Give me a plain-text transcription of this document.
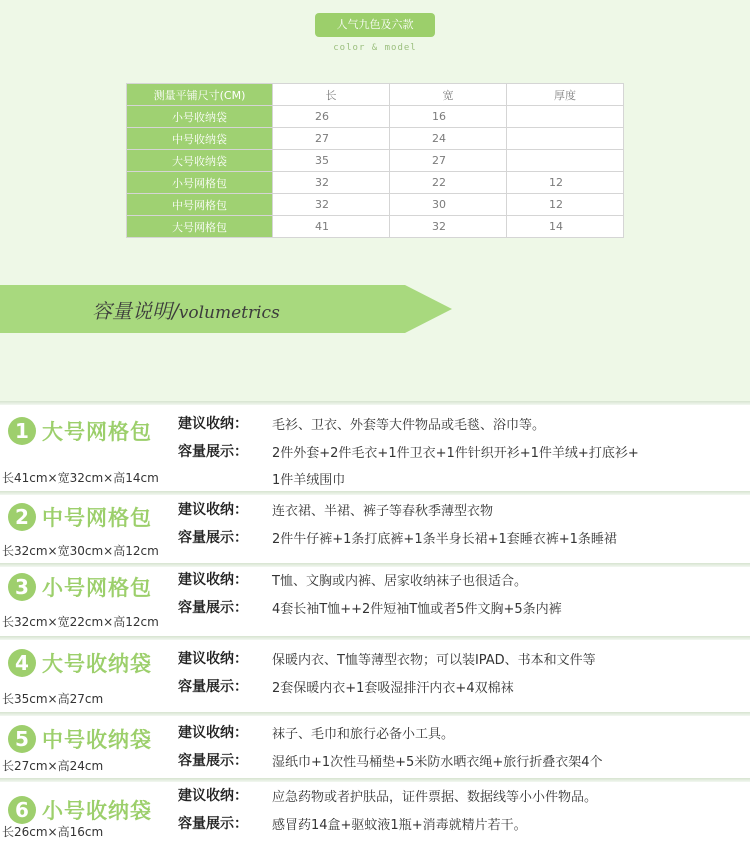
人气九色及六款
color & model
测量平铺尺寸(CM)	长	宽	厚度
小号收纳袋	26	16	
中号收纳袋	27	24	
大号收纳袋	35	27	
小号网格包	32	22	12
中号网格包	32	30	12
大号网格包	41	32	14
容量说明/volumetrics
1 大号网格包 建议收纳： 毛衫、卫衣、外套等大件物品或毛毯、浴巾等。
容量展示： 2件外套+2件毛衣+1件卫衣+1件针织开衫+1件羊绒+打底衫+
长41cm×宽32cm×高14cm	1件羊绒围巾
2 中号网格包 建议收纳： 连衣裙、半裙、裤子等春秋季薄型衣物
容量展示： 2件牛仔裤+1条打底裤+1条半身长裙+1套睡衣裤+1条睡裙
长32cm×宽30cm×高12cm
3 小号网格包 建议收纳： T恤、文胸或内裤、居家收纳袜子也很适合。
容量展示： 4套长袖T恤++2件短袖T恤或者5件文胸+5条内裤
长32cm×宽22cm×高12cm
4 大号收纳袋 建议收纳： 保暖内衣、T恤等薄型衣物；可以装IPAD、书本和文件等
容量展示： 2套保暖内衣+1套吸湿排汗内衣+4双棉袜
长35cm×高27cm
5 中号收纳袋 建议收纳： 袜子、毛巾和旅行必备小工具。
容量展示： 湿纸巾+1次性马桶垫+5米防水晒衣绳+旅行折叠衣架4个
长27cm×高24cm
6 小号收纳袋
建议收纳： 应急药物或者护肤品，证件票据、数据线等小小件物品。
容量展示： 感冒药14盒+驱蚊液1瓶+消毒就精片若干。
长26cm×高16cm
